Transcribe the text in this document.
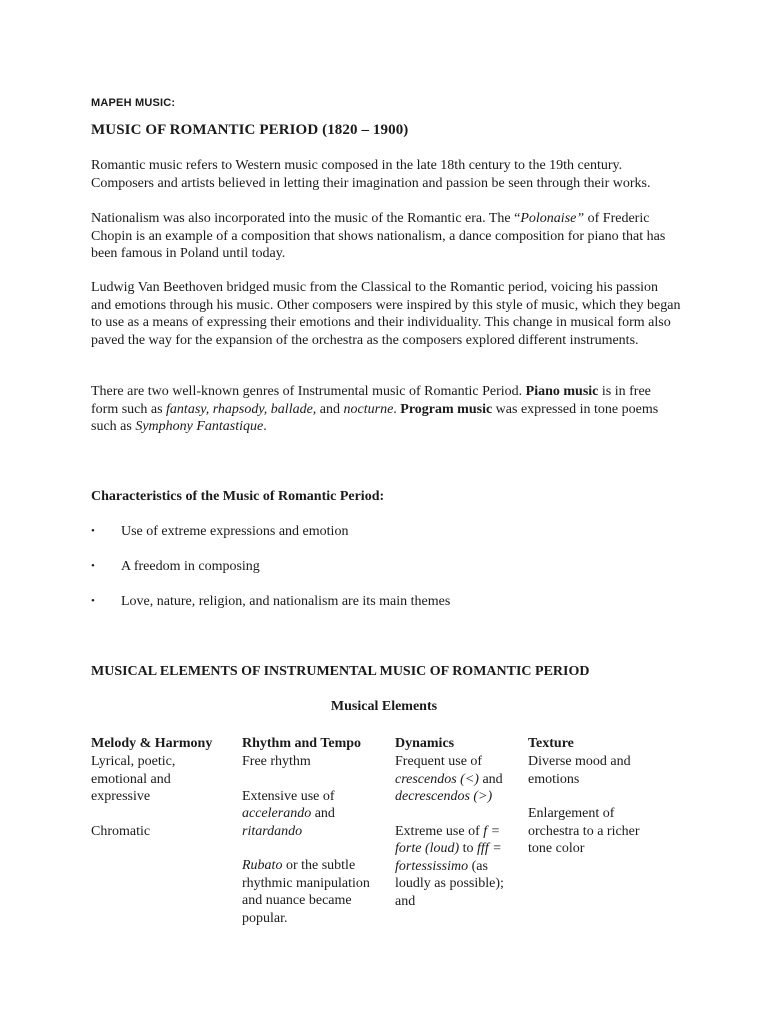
MAPEH MUSIC:
MUSIC OF ROMANTIC PERIOD (1820 – 1900)

Romantic music refers to Western music composed in the late 18th century to the 19th century. Composers and artists believed in letting their imagination and passion be seen through their works.

Nationalism was also incorporated into the music of the Romantic era. The “Polonaise” of Frederic Chopin is an example of a composition that shows nationalism, a dance composition for piano that has been famous in Poland until today.

Ludwig Van Beethoven bridged music from the Classical to the Romantic period, voicing his passion and emotions through his music. Other composers were inspired by this style of music, which they began to use as a means of expressing their emotions and their individuality. This change in musical form also paved the way for the expansion of the orchestra as the composers explored different instruments.

There are two well-known genres of Instrumental music of Romantic Period. Piano music is in free form such as fantasy, rhapsody, ballade, and nocturne. Program music was expressed in tone poems such as Symphony Fantastique.

Characteristics of the Music of Romantic Period:
• Use of extreme expressions and emotion
• A freedom in composing
• Love, nature, religion, and nationalism are its main themes
MUSICAL ELEMENTS OF INSTRUMENTAL MUSIC OF ROMANTIC PERIOD
Musical Elements
Melody & Harmony

Lyrical, poetic, emotional and expressive

Chromatic

Rhythm and Tempo

Free rhythm

Extensive use of accelerando and ritardando

Rubato or the subtle rhythmic manipulation and nuance became popular.

Dynamics

Frequent use of crescendos (<) and decrescendos (>)

Extreme use of f = forte (loud) to fff = fortessissimo (as loudly as possible); and

Texture

Diverse mood and emotions

Enlargement of orchestra to a richer tone color
